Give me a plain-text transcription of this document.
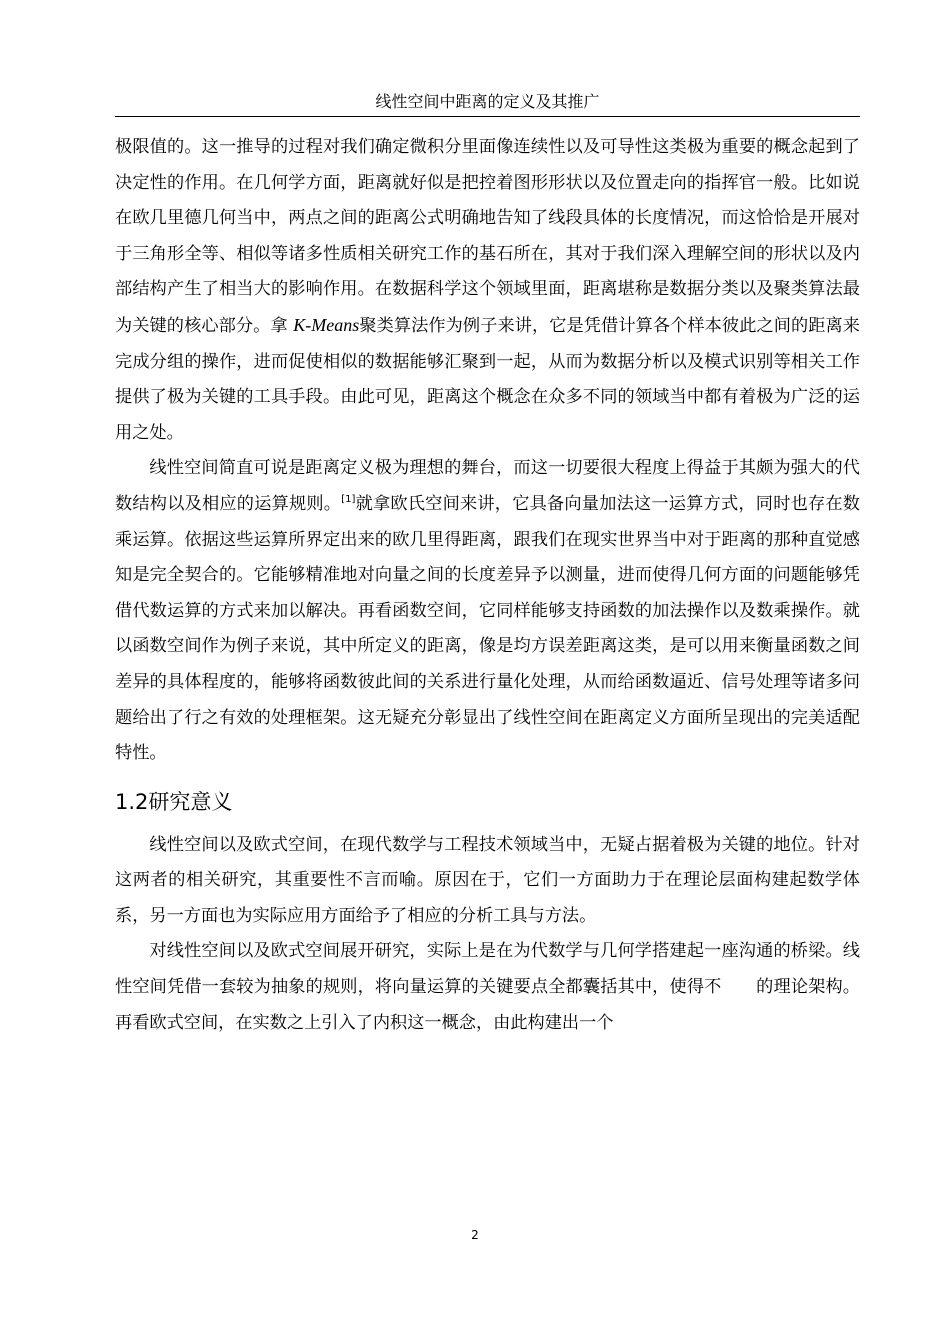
线性空间中距离的定义及其推广

极限值的。这一推导的过程对我们确定微积分里面像连续性以及可导性这类极为重要的概念起到了决定性的作用。在几何学方面，距离就好似是把控着图形形状以及位置走向的指挥官一般。比如说在欧几里德几何当中，两点之间的距离公式明确地告知了线段具体的长度情况，而这恰恰是开展对于三角形全等、相似等诸多性质相关研究工作的基石所在，其对于我们深入理解空间的形状以及内部结构产生了相当大的影响作用。在数据科学这个领域里面，距离堪称是数据分类以及聚类算法最为关键的核心部分。拿 K-Means聚类算法作为例子来讲，它是凭借计算各个样本彼此之间的距离来完成分组的操作，进而促使相似的数据能够汇聚到一起，从而为数据分析以及模式识别等相关工作提供了极为关键的工具手段。由此可见，距离这个概念在众多不同的领域当中都有着极为广泛的运用之处。

线性空间简直可说是距离定义极为理想的舞台，而这一切要很大程度上得益于其颇为强大的代数结构以及相应的运算规则。[1]就拿欧氏空间来讲，它具备向量加法这一运算方式，同时也存在数乘运算。依据这些运算所界定出来的欧几里得距离，跟我们在现实世界当中对于距离的那种直觉感知是完全契合的。它能够精准地对向量之间的长度差异予以测量，进而使得几何方面的问题能够凭借代数运算的方式来加以解决。再看函数空间，它同样能够支持函数的加法操作以及数乘操作。就以函数空间作为例子来说，其中所定义的距离，像是均方误差距离这类，是可以用来衡量函数之间差异的具体程度的，能够将函数彼此间的关系进行量化处理，从而给函数逼近、信号处理等诸多问题给出了行之有效的处理框架。这无疑充分彰显出了线性空间在距离定义方面所呈现出的完美适配特性。

1.2研究意义

线性空间以及欧式空间，在现代数学与工程技术领域当中，无疑占据着极为关键的地位。针对这两者的相关研究，其重要性不言而喻。原因在于，它们一方面助力于在理论层面构建起数学体系，另一方面也为实际应用方面给予了相应的分析工具与方法。

对线性空间以及欧式空间展开研究，实际上是在为代数学与几何学搭建起一座沟通的桥梁。线性空间凭借一套较为抽象的规则，将向量运算的关键要点全都囊括其中，使得不　　的理论架构。再看欧式空间，在实数之上引入了内积这一概念，由此构建出一个

2
